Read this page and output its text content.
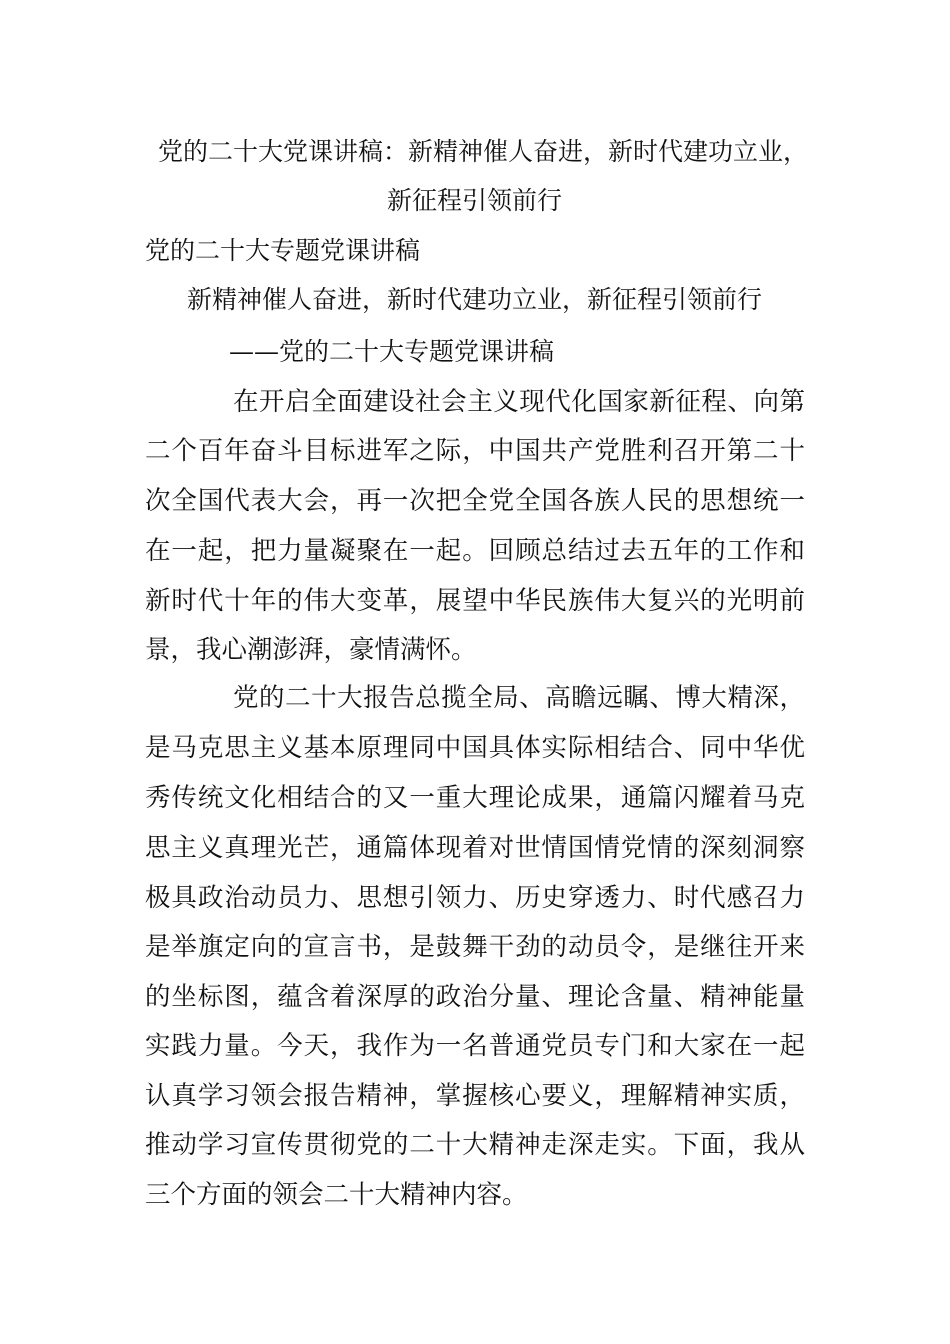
党的二十大党课讲稿：新精神催人奋进，新时代建功立业，
新征程引领前行
党的二十大专题党课讲稿
新精神催人奋进，新时代建功立业，新征程引领前行
——党的二十大专题党课讲稿
在开启全面建设社会主义现代化国家新征程、向第
二个百年奋斗目标进军之际，中国共产党胜利召开第二十
次全国代表大会，再一次把全党全国各族人民的思想统一
在一起，把力量凝聚在一起。回顾总结过去五年的工作和
新时代十年的伟大变革，展望中华民族伟大复兴的光明前
景，我心潮澎湃，豪情满怀。
党的二十大报告总揽全局、高瞻远瞩、博大精深，
是马克思主义基本原理同中国具体实际相结合、同中华优
秀传统文化相结合的又一重大理论成果，通篇闪耀着马克
思主义真理光芒，通篇体现着对世情国情党情的深刻洞察
极具政治动员力、思想引领力、历史穿透力、时代感召力
是举旗定向的宣言书，是鼓舞干劲的动员令，是继往开来
的坐标图，蕴含着深厚的政治分量、理论含量、精神能量
实践力量。今天，我作为一名普通党员专门和大家在一起
认真学习领会报告精神，掌握核心要义，理解精神实质，
推动学习宣传贯彻党的二十大精神走深走实。下面，我从
三个方面的领会二十大精神内容。
